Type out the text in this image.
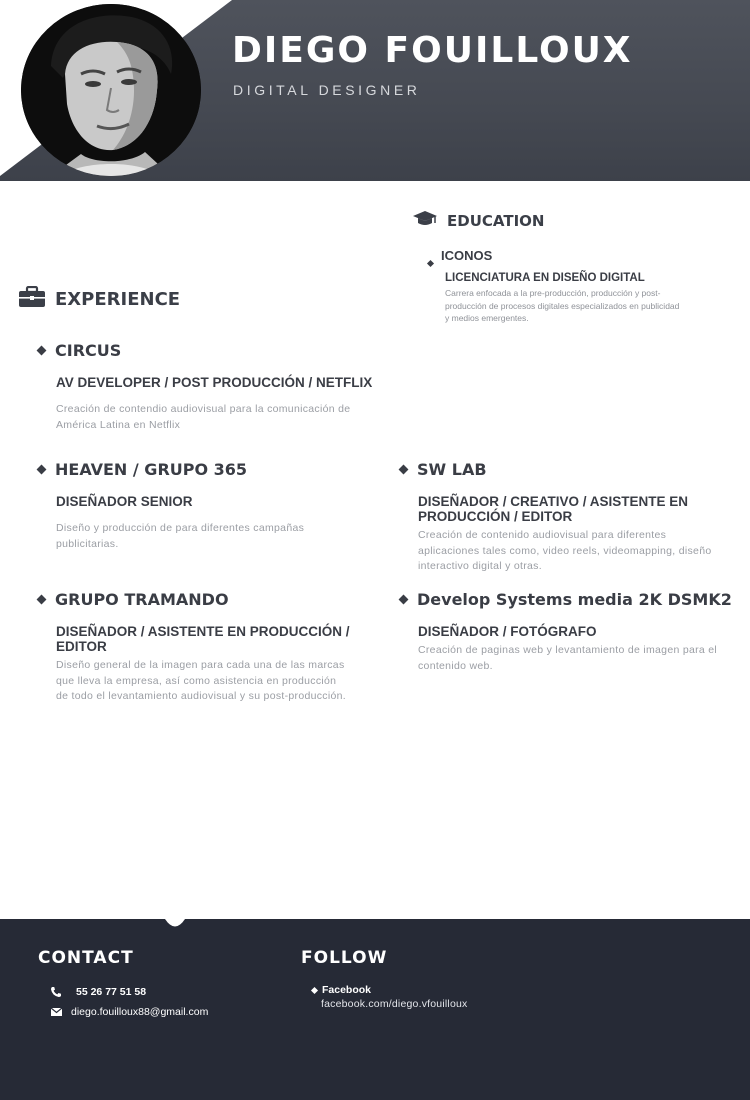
DIEGO FOUILLOUX
DIGITAL DESIGNER
EDUCATION
ICONOS
LICENCIATURA EN DISEÑO DIGITAL
Carrera enfocada a la pre-producción, producción y post-producción de procesos digitales especializados en publicidad y medios emergentes.
EXPERIENCE
CIRCUS
AV DEVELOPER / POST PRODUCCIÓN / NETFLIX
Creación de contendio audiovisual para la comunicación de América Latina en Netflix
HEAVEN / GRUPO 365
DISEÑADOR SENIOR
Diseño y producción de para diferentes campañas publicitarias.
SW LAB
DISEÑADOR / CREATIVO / ASISTENTE EN PRODUCCIÓN / EDITOR
Creación de contenido audiovisual para diferentes aplicaciones tales como, video reels, videomapping, diseño interactivo digital y otras.
GRUPO TRAMANDO
DISEÑADOR / ASISTENTE EN PRODUCCIÓN / EDITOR
Diseño general de la imagen para cada una de las marcas que lleva la empresa, así como asistencia en producción de todo el levantamiento audiovisual y su post-producción.
Develop Systems media 2K DSMK2
DISEÑADOR / FOTÓGRAFO
Creación de paginas web y levantamiento de imagen para el contenido web.
CONTACT
55 26 77 51 58
diego.fouilloux88@gmail.com
FOLLOW
Facebook
facebook.com/diego.vfouilloux
